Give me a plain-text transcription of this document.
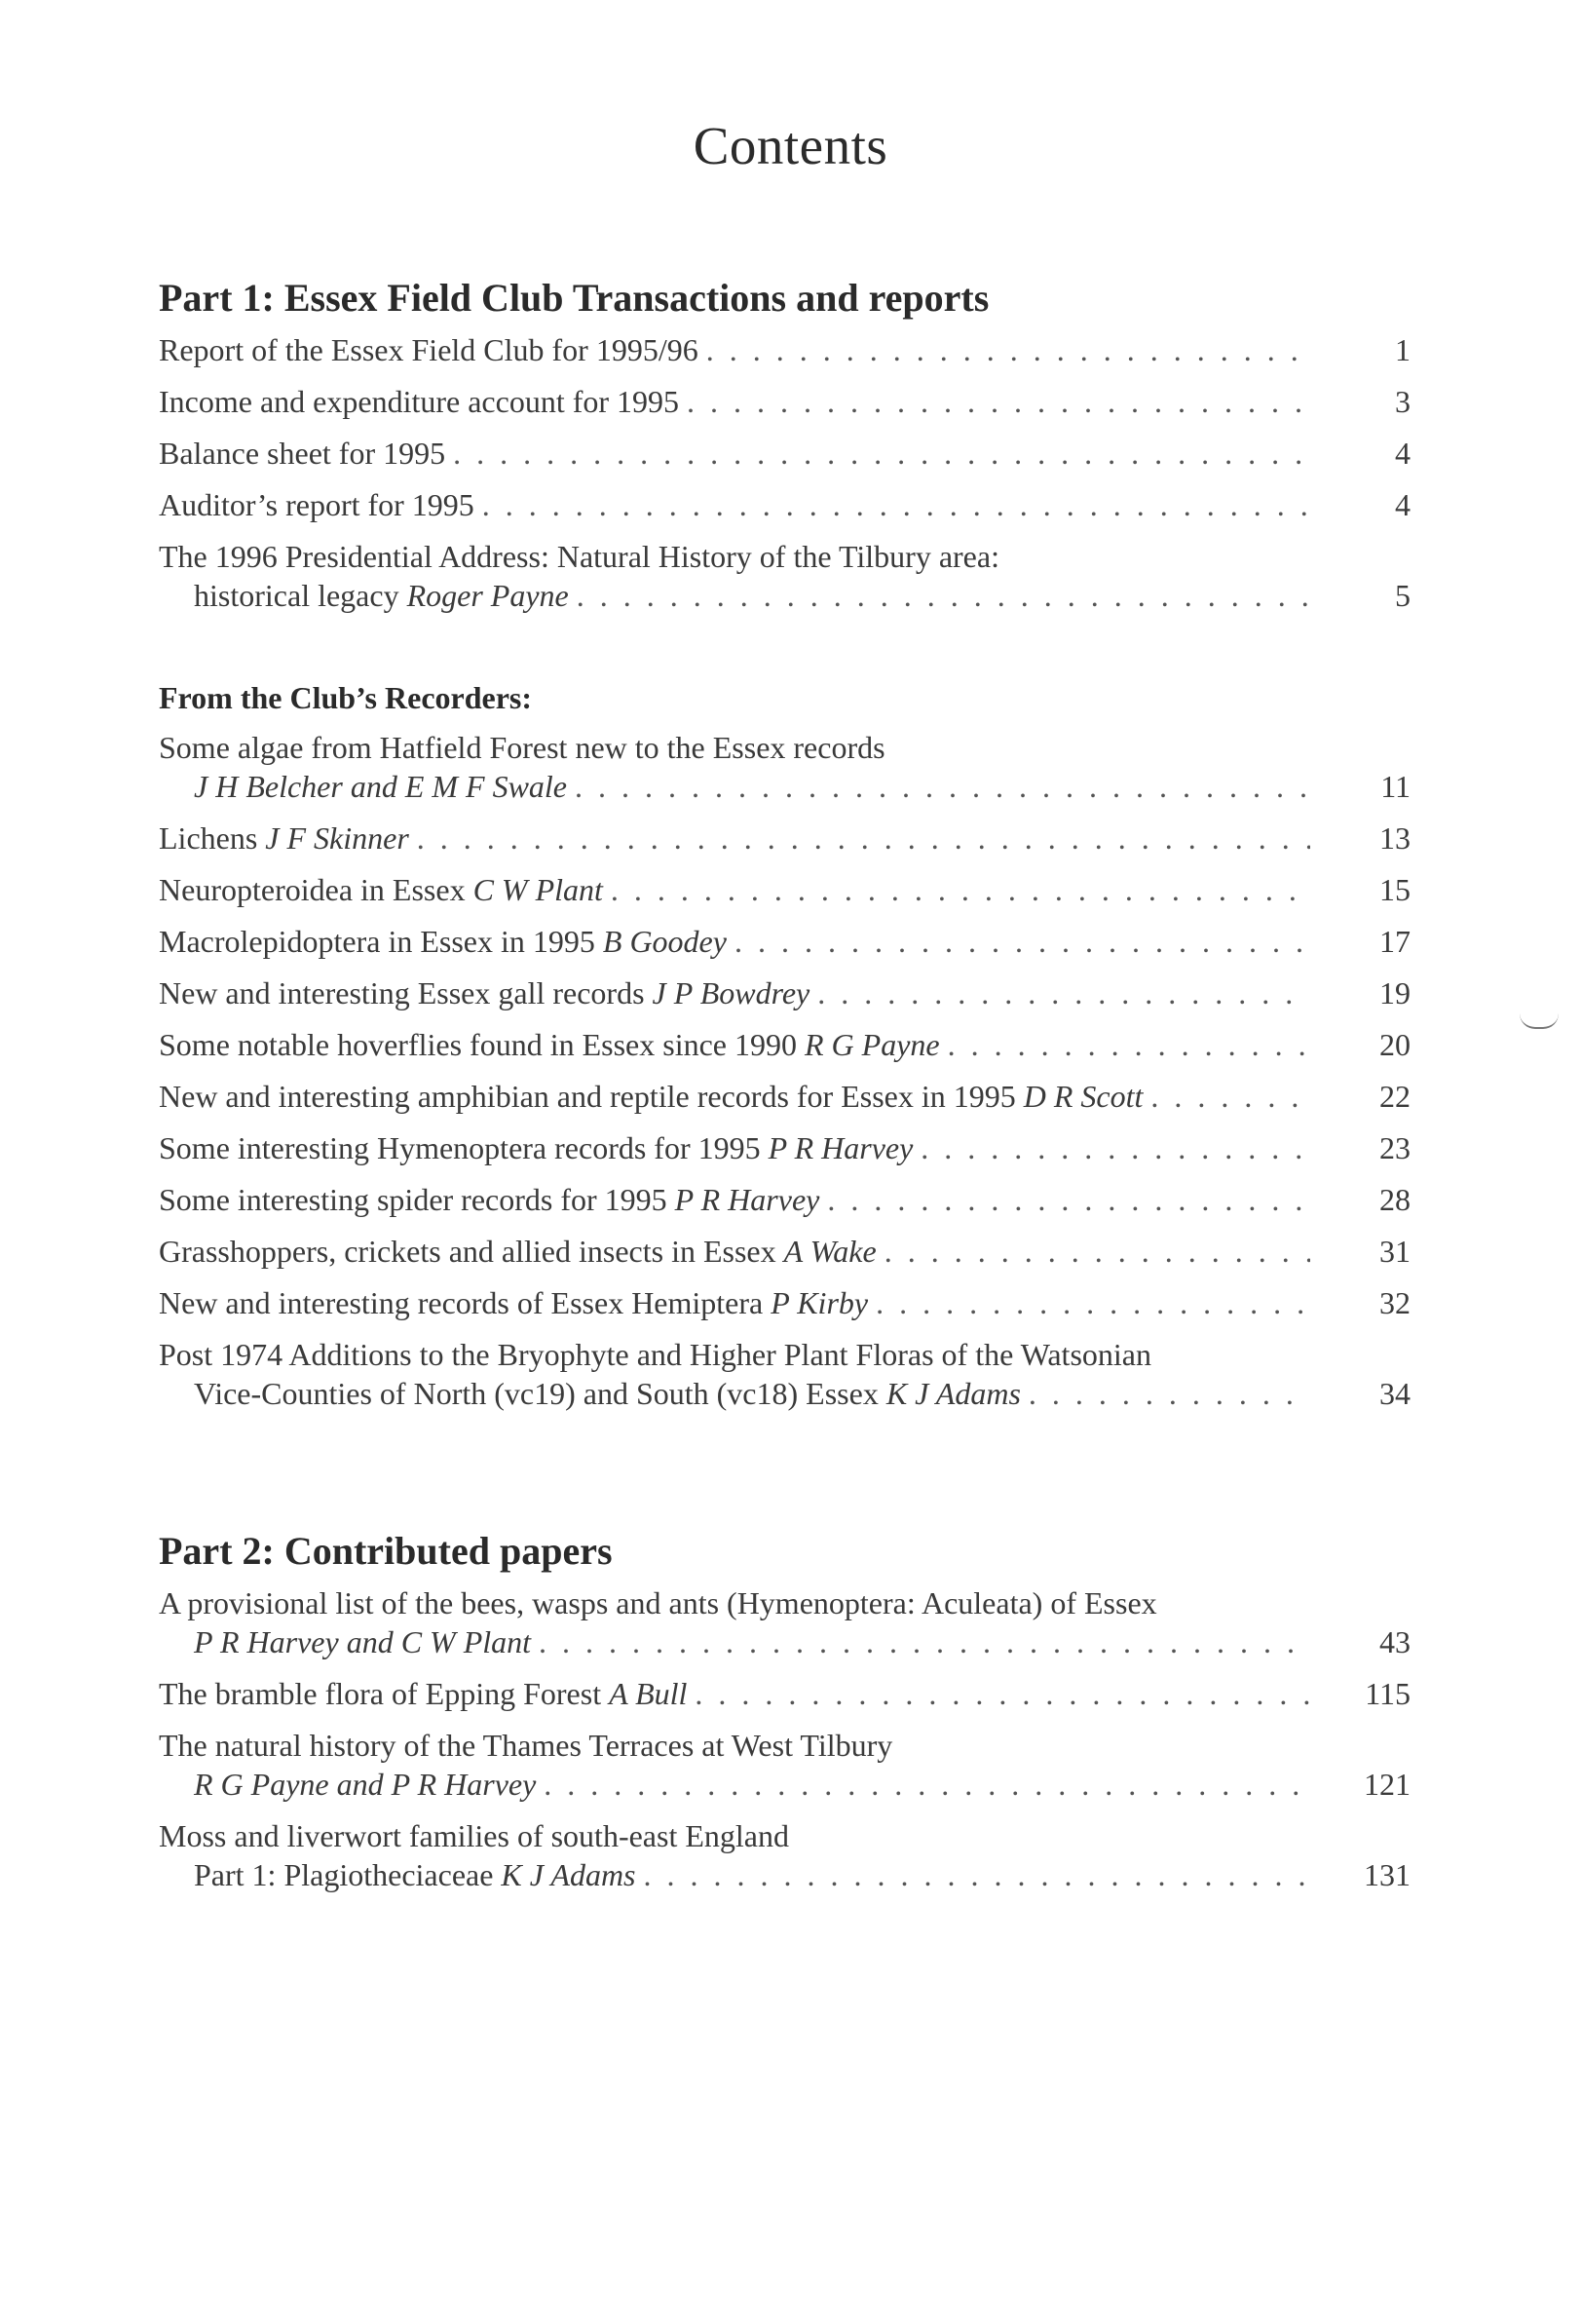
Contents
Part 1: Essex Field Club Transactions and reports
Report of the Essex Field Club for 1995/96 . . .	1
Income and expenditure account for 1995 . . .	3
Balance sheet for 1995 . . .	4
Auditor’s report for 1995 . . .	4
The 1996 Presidential Address: Natural History of the Tilbury area:
historical legacy
Roger Payne . . .	5
From the Club’s Recorders:
Some algae from Hatfield Forest new to the Essex records
J H Belcher and E M F Swale . . .	11
Lichens
J F Skinner . . .	13
Neuropteroidea in Essex
C W Plant . . .	15
Macrolepidoptera in Essex in 1995
B Goodey . . .	17
New and interesting Essex gall records
J P Bowdrey . . .	19
Some notable hoverflies found in Essex since 1990
R G Payne . . .	20
New and interesting amphibian and reptile records for Essex in 1995
D R Scott . . .	22
Some interesting Hymenoptera records for 1995
P R Harvey . . .	23
Some interesting spider records for 1995
P R Harvey . . .	28
Grasshoppers, crickets and allied insects in Essex
A Wake . . .	31
New and interesting records of Essex Hemiptera
P Kirby . . .	32
Post 1974 Additions to the Bryophyte and Higher Plant Floras of the Watsonian
Vice-Counties of North (vc19) and South (vc18) Essex
K J Adams . . .	34
Part 2: Contributed papers
A provisional list of the bees, wasps and ants (Hymenoptera: Aculeata) of Essex
P R Harvey and C W Plant . . .	43
The bramble flora of Epping Forest
A Bull . . .	115
The natural history of the Thames Terraces at West Tilbury
R G Payne and P R Harvey . . .	121
Moss and liverwort families of south-east England
Part 1: Plagiotheciaceae
K J Adams . . .	131
